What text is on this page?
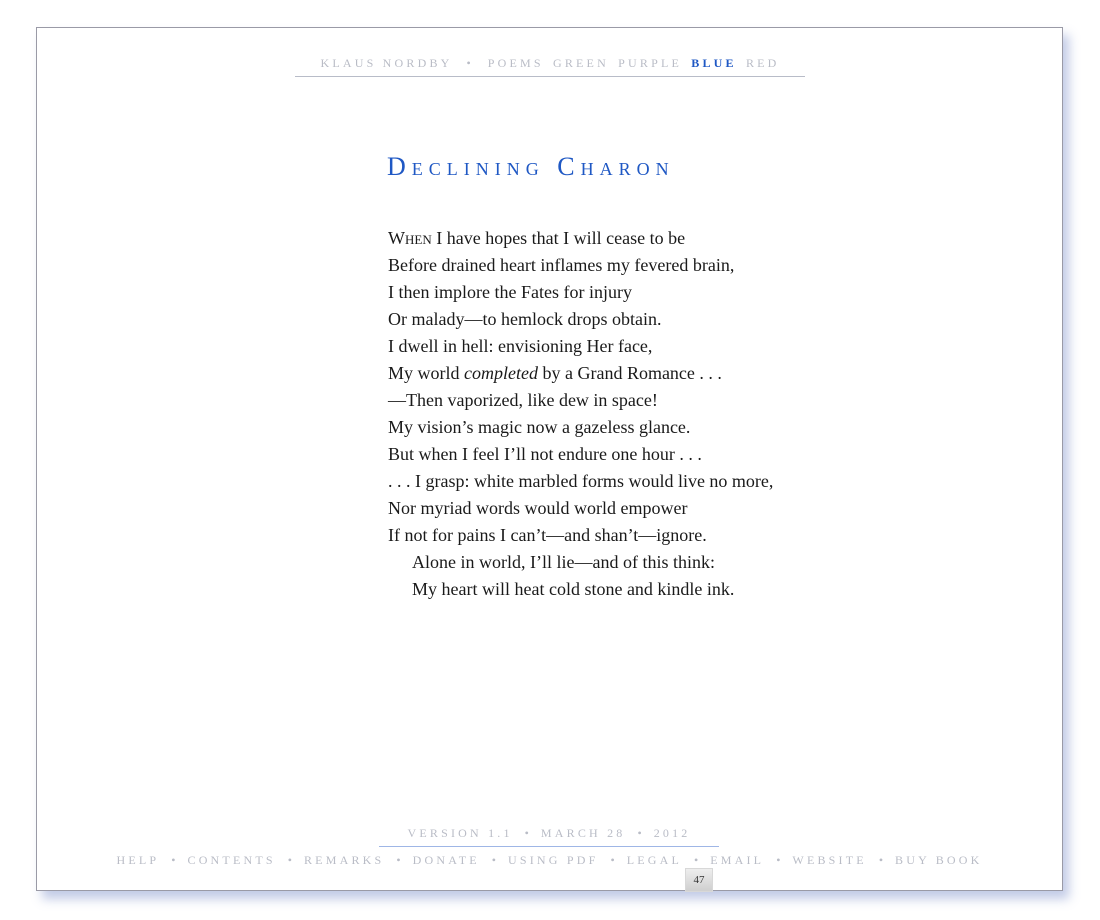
KLAUS NORDBY • POEMS GREEN PURPLE BLUE RED
Declining Charon
When I have hopes that I will cease to be
Before drained heart inflames my fevered brain,
I then implore the Fates for injury
Or malady—to hemlock drops obtain.
I dwell in hell: envisioning Her face,
My world completed by a Grand Romance . . .
—Then vaporized, like dew in space!
My vision’s magic now a gazeless glance.
But when I feel I’ll not endure one hour . . .
. . . I grasp: white marbled forms would live no more,
Nor myriad words would world empower
If not for pains I can’t—and shan’t—ignore.
Alone in world, I’ll lie—and of this think:
My heart will heat cold stone and kindle ink.
VERSION 1.1 • MARCH 28 • 2012
HELP • CONTENTS • REMARKS • DONATE • USING PDF • LEGAL • EMAIL • WEBSITE • BUY BOOK
47
